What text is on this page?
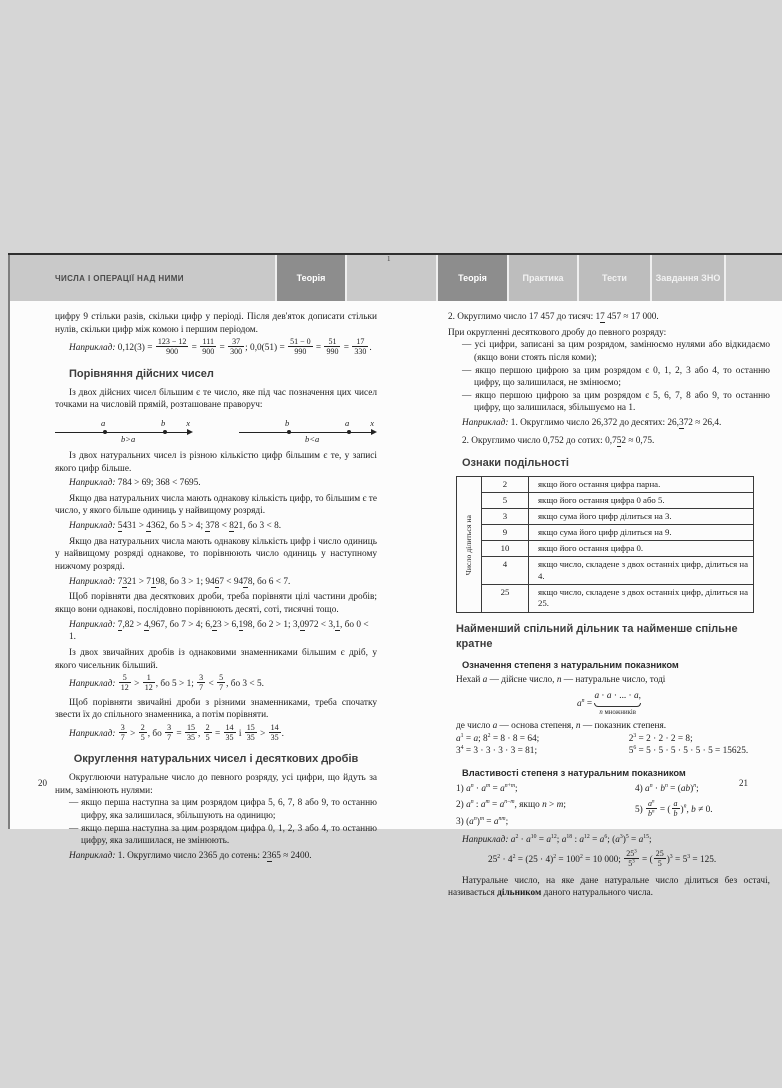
ЧИСЛА І ОПЕРАЦІЇ НАД НИМИ	Теорія	Теорія	Практика	Тести	Завдання ЗНО
1
цифру 9 стільки разів, скільки цифр у періоді. Після дев'яток дописати стільки нулів, скільки цифр між комою і першим періодом.
Наприклад: $0,12(3) = \frac{123 - 12}{900} = \frac{111}{900} = \frac{37}{300}$ ; $0,0(51) = \frac{51 - 0}{990} = \frac{51}{990} = \frac{17}{330}$ .
Порівняння дійсних чисел
Із двох дійсних чисел більшим є те число, яке під час позначення цих чисел точками на числовій прямій, розташоване праворуч:
a	b x
b>a
b	a x
b<a
Із двох натуральних чисел із різною кількістю цифр більшим є те, у записі якого цифр більше.
Наприклад: 784 > 69; 368 < 7695.
Якщо два натуральних числа мають однакову кількість цифр, то більшим є те число, у якого більше одиниць у найвищому розряді.
Наприклад: 5431 > 4362, бо 5 > 4; 378 < 821, бо 3 < 8.
Якщо два натуральних числа мають однакову кількість цифр і число одиниць у найвищому розряді однакове, то порівнюють число одиниць у наступному нижчому розряді.
Наприклад: 7321 > 7198, бо 3 > 1; 9467 < 9478, бо 6 < 7.
Щоб порівняти два десяткових дроби, треба порівняти цілі частини дробів; якщо вони однакові, послідовно порівнюють десяті, соті, тисячні тощо.
Наприклад: 7,82 > 4,967, бо 7 > 4; 6,23 > 6,198, бо 2 > 1; 3,0972 < 3,1, бо 0 < 1.
Із двох звичайних дробів із однаковими знаменниками більшим є дріб, у якого чисельник більший.
Наприклад: $\frac{5}{12} > \frac{1}{12}$ , бо 5 > 1; $\frac{3}{7} < \frac{5}{7}$ , бо 3 < 5.
Щоб порівняти звичайні дроби з різними знаменниками, треба спочатку звести їх до спільного знаменника, а потім порівняти.
Наприклад: $\frac{3}{7} > \frac{2}{5}$ , бо $\frac{3}{7} = \frac{15}{35}$ , $\frac{2}{5} = \frac{14}{35}$ і $\frac{15}{35} > \frac{14}{35}$ .
Округлення натуральних чисел і десяткових дробів
Округлюючи натуральне число до певного розряду, усі цифри, що йдуть за ним, замінюють нулями:
— якщо перша наступна за цим розрядом цифра 5, 6, 7, 8 або 9, то останню цифру, яка залишилася, збільшують на одиницю;
— якщо перша наступна за цим розрядом цифра 0, 1, 2, 3 або 4, то останню цифру, яка залишилася, не змінюють.
Наприклад: 1. Округлимо число 2365 до сотень: 2365 ≈ 2400.
2. Округлимо число 17 457 до тисяч: 17 457 ≈ 17 000.
При округленні десяткового дробу до певного розряду:
— усі цифри, записані за цим розрядом, замінюємо нулями або відкидаємо (якщо вони стоять після коми);
— якщо першою цифрою за цим розрядом є 0, 1, 2, 3 або 4, то останню цифру, що залишилася, не змінюємо;
— якщо першою цифрою за цим розрядом є 5, 6, 7, 8 або 9, то останню цифру, що залишилася, збільшуємо на 1.
Наприклад: 1. Округлимо число 26,372 до десятих: 26,372 ≈ 26,4.
2. Округлимо число 0,752 до сотих: 0,752 ≈ 0,75.
Ознаки подільності
Число ділиться на
2	якщо його остання цифра парна.
5	якщо його остання цифра 0 або 5.
3	якщо сума його цифр ділиться на 3.
9	якщо сума його цифр ділиться на 9.
10	якщо його остання цифра 0.
4	якщо число, складене з двох останніх цифр, ділиться на 4.
25	якщо число, складене з двох останніх цифр, ділиться на 25.
Найменший спільний дільник та найменше спільне кратне
Означення степеня з натуральним показником
Нехай a — дійсне число, n — натуральне число, тоді
$a^n$ =
a · a · ... · a,
n множників
де число a — основа степеня, n — показник степеня.
$a^1 = a$; $8^2 = 8 \cdot 8 = 64$;	$2^3 = 2 \cdot 2 \cdot 2 = 8$;
$3^4 = 3 \cdot 3 \cdot 3 \cdot 3 = 81$;	$5^6 = 5 \cdot 5 \cdot 5 \cdot 5 \cdot 5 \cdot 5 = 15625$.
Властивості степеня з натуральним показником
1) $a^n \cdot a^m = a^{n+m}$;
2) $a^n$ : $a^m = a^{n-m}$, якщо n > m;
3) $(a^n)^m = a^{nm}$;
4) $a^n \cdot b^n = (ab)^n$;
$5) \frac{a^n}{b^n}$ = ( $\frac{a}{b} )^n$, b ≠ 0.
Наприклад: $a^2 \cdot a^{10} = a^{12}$; $a^{18}$ : $a^{12} = a^6$; $(a^3)^5 = a^{15}$;
$25^2 \cdot 4^2 = (25 \cdot 4)^2 = 100^2 = 10$ 000; $\frac{25^3}{5^3}$ = ( $\frac{25}{5} )^3 = 5^3 = 125$.
Натуральне число, на яке дане натуральне число ділиться без остачі, називається дільником даного натурального числа.
20	21
